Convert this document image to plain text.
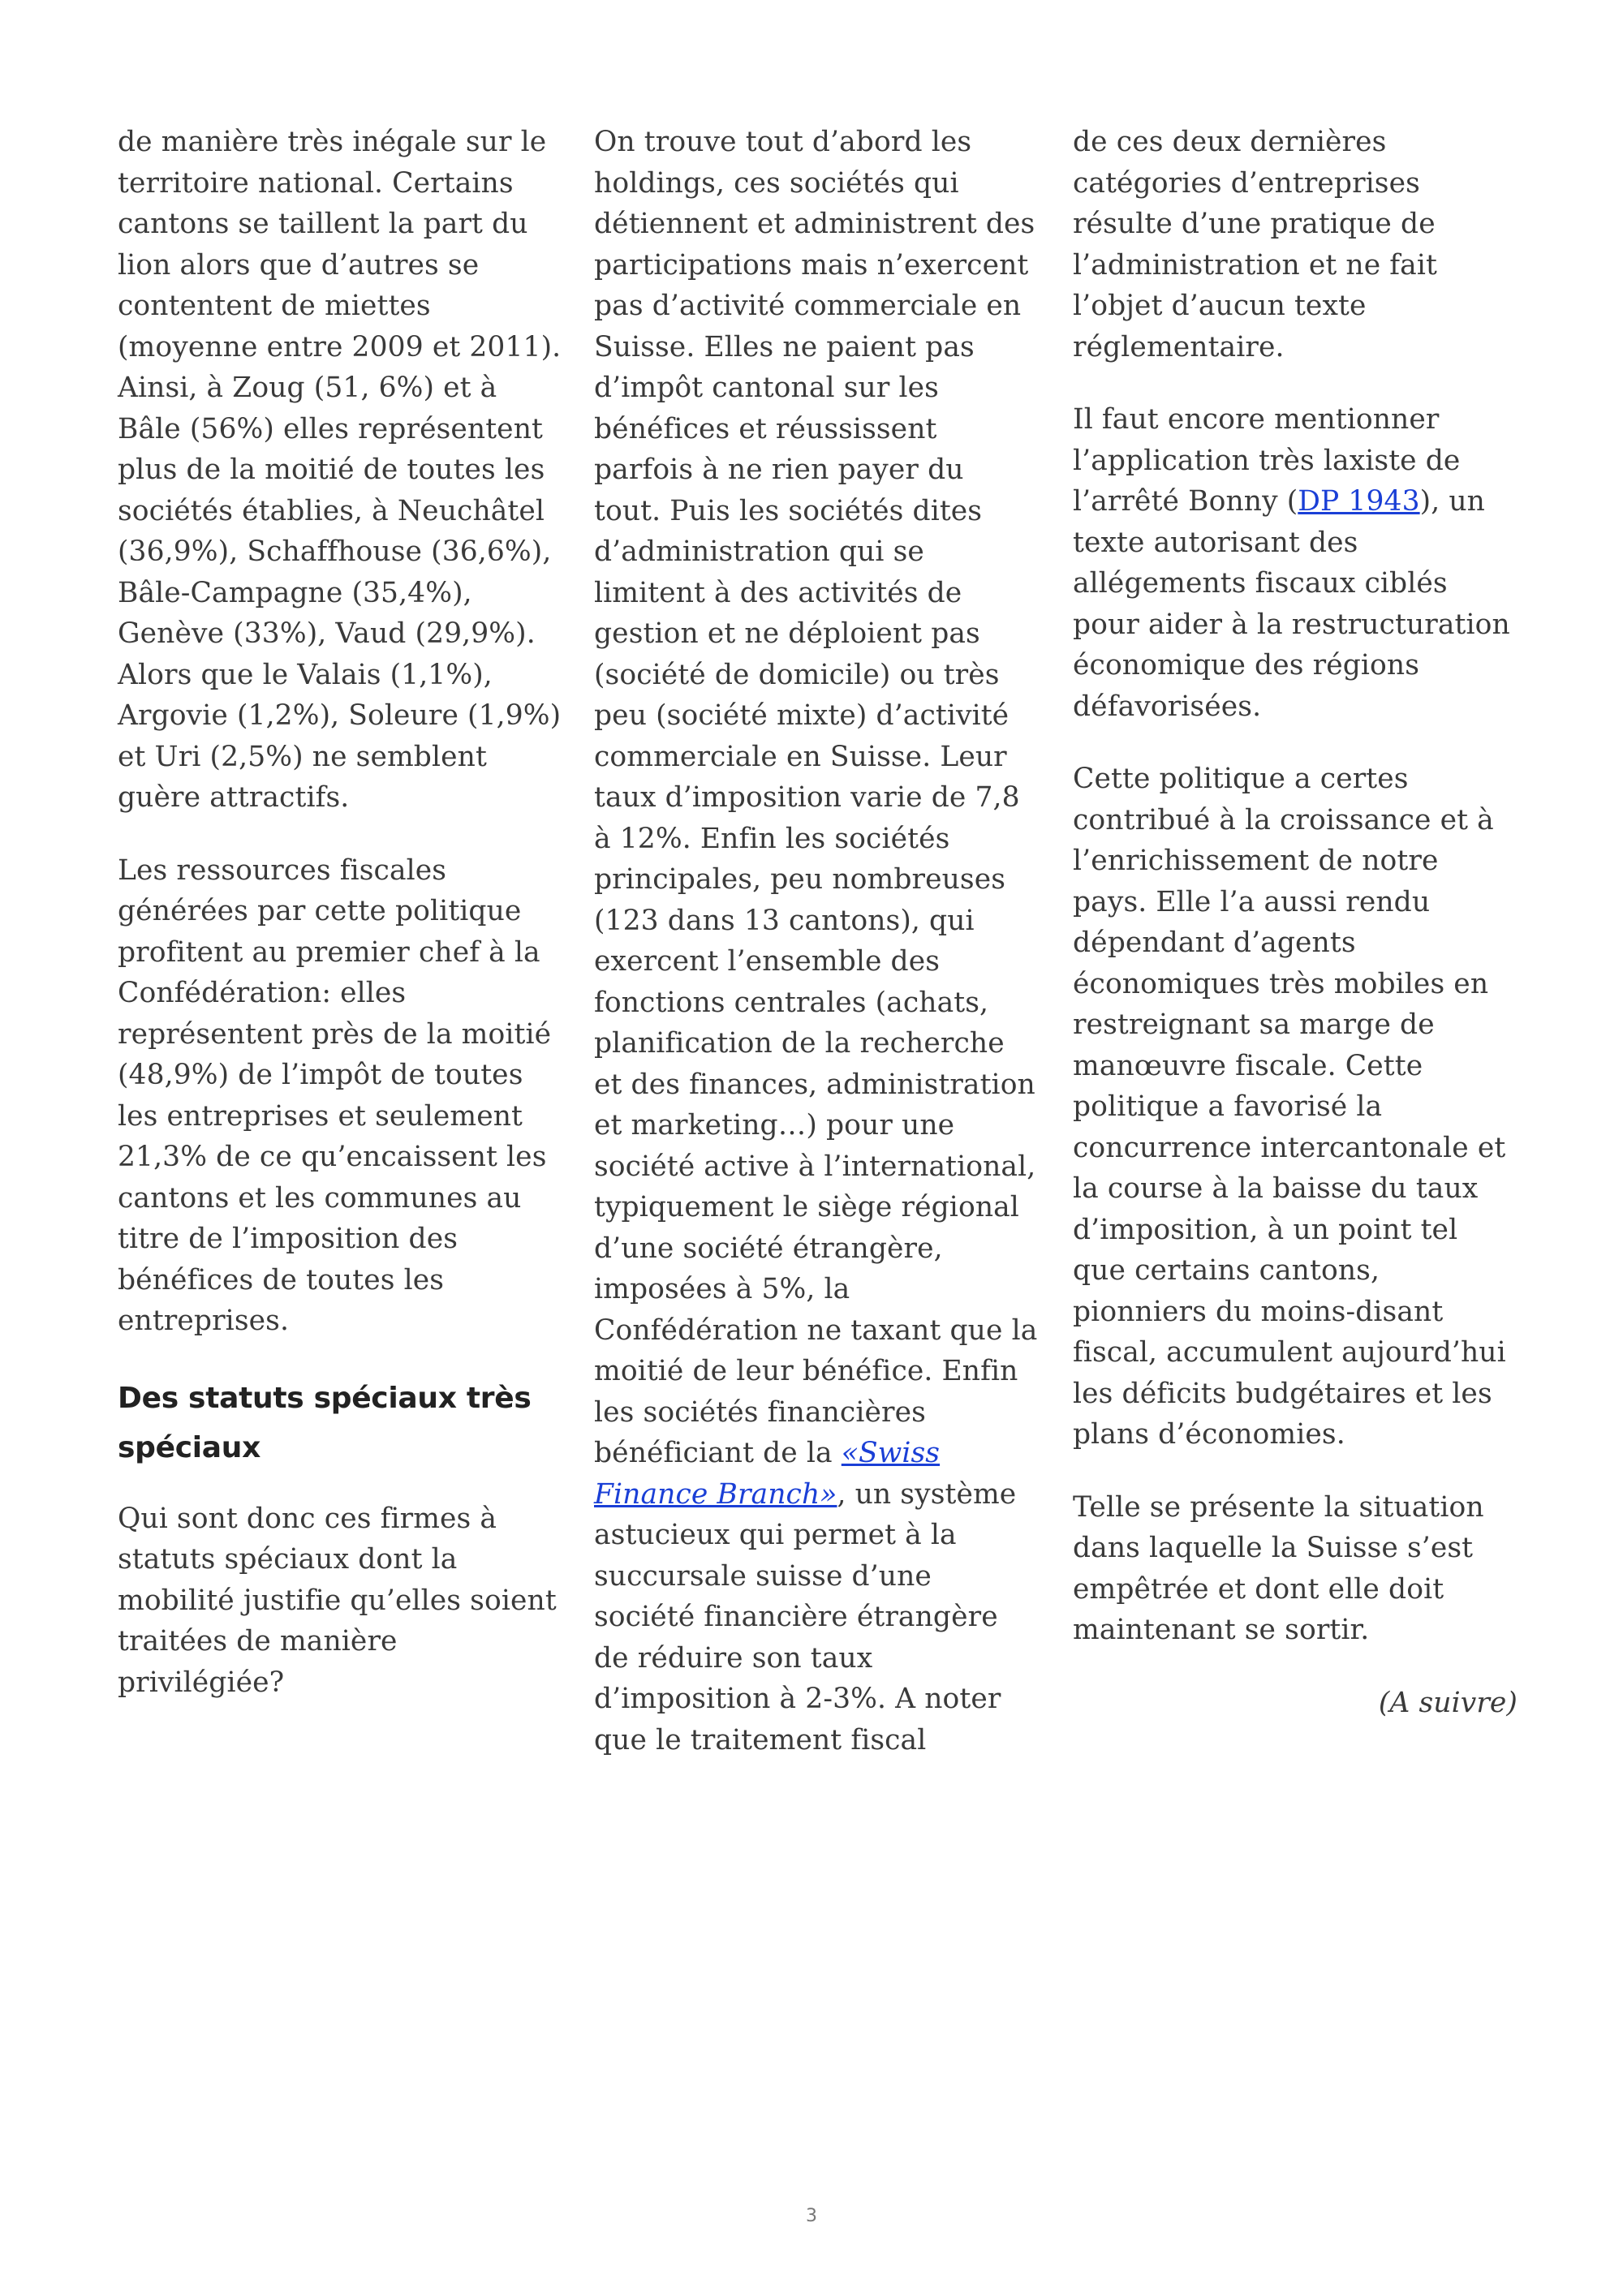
de manière très inégale sur le territoire national. Certains cantons se taillent la part du lion alors que d’autres se contentent de miettes (moyenne entre 2009 et 2011). Ainsi, à Zoug (51, 6%) et à Bâle (56%) elles représentent plus de la moitié de toutes les sociétés établies, à Neuchâtel (36,9%), Schaffhouse (36,6%), Bâle-Campagne (35,4%), Genève (33%), Vaud (29,9%). Alors que le Valais (1,1%), Argovie (1,2%), Soleure (1,9%) et Uri (2,5%) ne semblent guère attractifs.

Les ressources fiscales générées par cette politique profitent au premier chef à la Confédération: elles représentent près de la moitié (48,9%) de l’impôt de toutes les entreprises et seulement 21,3% de ce qu’encaissent les cantons et les communes au titre de l’imposition des bénéfices de toutes les entreprises.

Des statuts spéciaux très spéciaux

Qui sont donc ces firmes à statuts spéciaux dont la mobilité justifie qu’elles soient traitées de manière privilégiée?

On trouve tout d’abord les holdings, ces sociétés qui détiennent et administrent des participations mais n’exercent pas d’activité commerciale en Suisse. Elles ne paient pas d’impôt cantonal sur les bénéfices et réussissent parfois à ne rien payer du tout. Puis les sociétés dites d’administration qui se limitent à des activités de gestion et ne déploient pas (société de domicile) ou très peu (société mixte) d’activité commerciale en Suisse. Leur taux d’imposition varie de 7,8 à 12%. Enfin les sociétés principales, peu nombreuses (123 dans 13 cantons), qui exercent l’ensemble des fonctions centrales (achats, planification de la recherche et des finances, administration et marketing…) pour une société active à l’international, typiquement le siège régional d’une société étrangère, imposées à 5%, la Confédération ne taxant que la moitié de leur bénéfice. Enfin les sociétés financières bénéficiant de la «Swiss Finance Branch», un système astucieux qui permet à la succursale suisse d’une société financière étrangère de réduire son taux d’imposition à 2-3%. A noter que le traitement fiscal

de ces deux dernières catégories d’entreprises résulte d’une pratique de l’administration et ne fait l’objet d’aucun texte réglementaire.

Il faut encore mentionner l’application très laxiste de l’arrêté Bonny (DP 1943), un texte autorisant des allégements fiscaux ciblés pour aider à la restructuration économique des régions défavorisées.

Cette politique a certes contribué à la croissance et à l’enrichissement de notre pays. Elle l’a aussi rendu dépendant d’agents économiques très mobiles en restreignant sa marge de manœuvre fiscale. Cette politique a favorisé la concurrence intercantonale et la course à la baisse du taux d’imposition, à un point tel que certains cantons, pionniers du moins-disant fiscal, accumulent aujourd’hui les déficits budgétaires et les plans d’économies.

Telle se présente la situation dans laquelle la Suisse s’est empêtrée et dont elle doit maintenant se sortir.

(A suivre)

3
